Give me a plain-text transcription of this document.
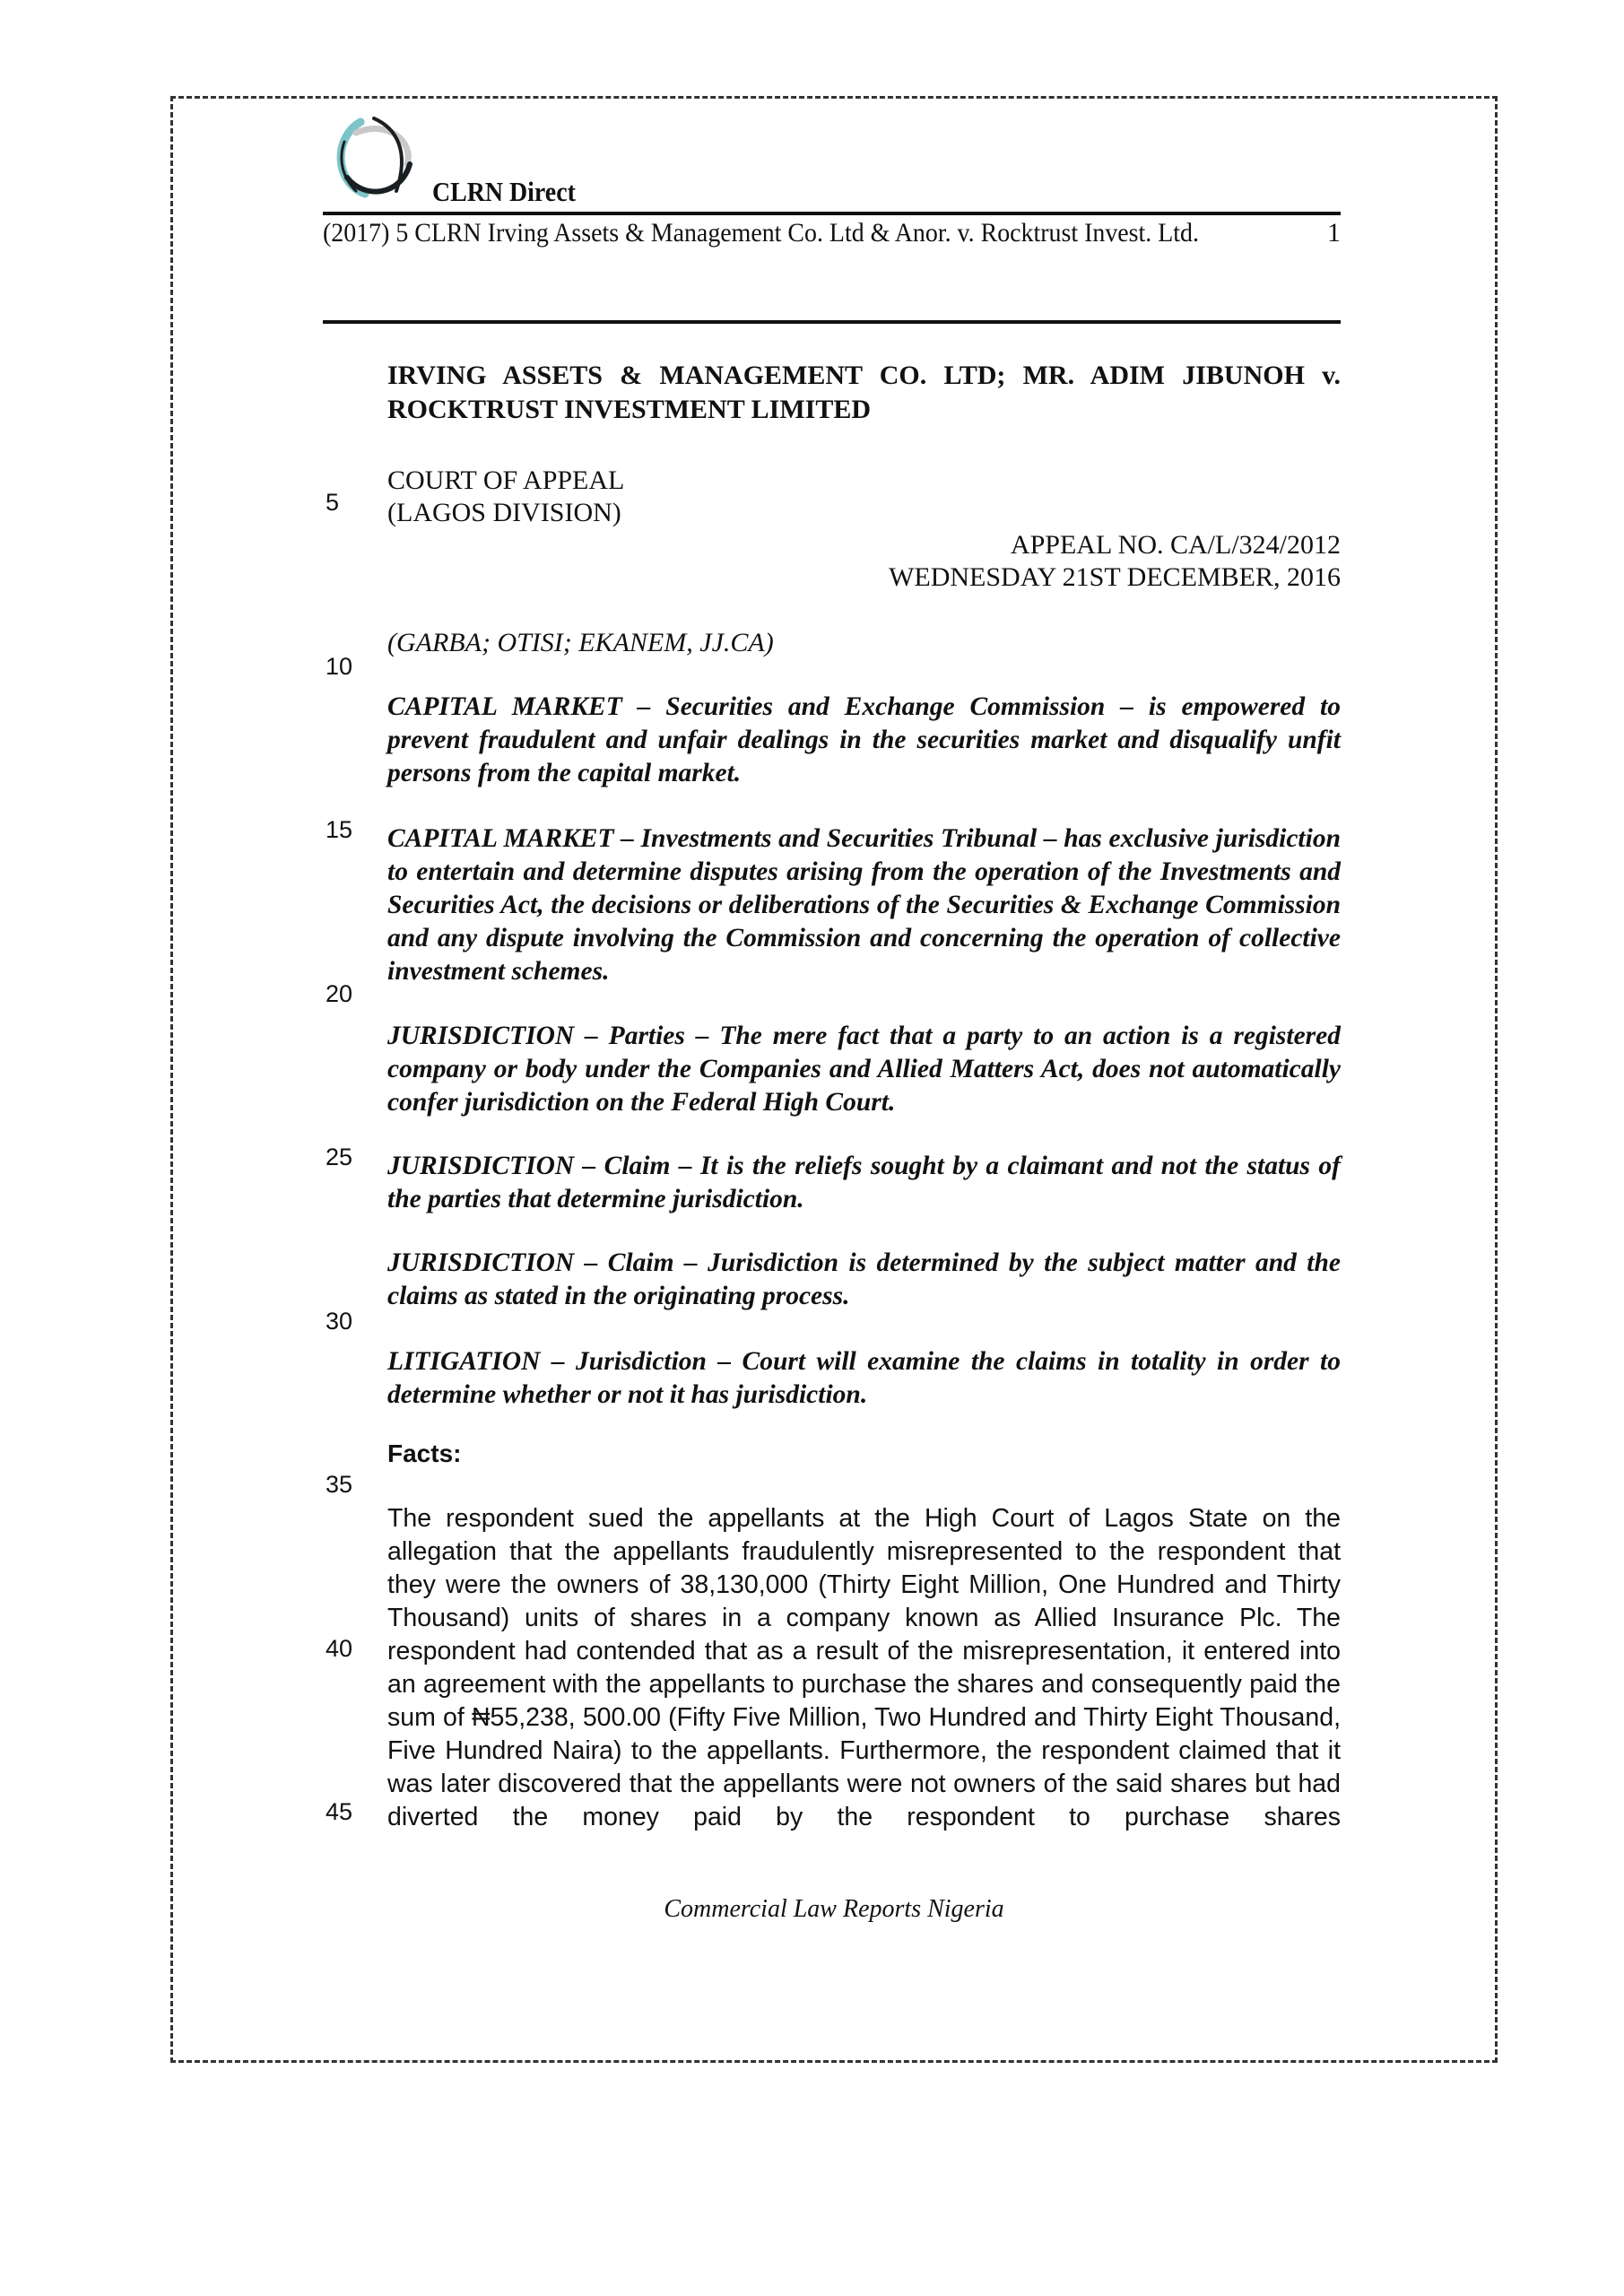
CLRN Direct
(2017) 5 CLRN Irving Assets & Management Co. Ltd & Anor. v. Rocktrust Invest. Ltd.	1
IRVING ASSETS & MANAGEMENT CO. LTD; MR. ADIM JIBUNOH v.
ROCKTRUST INVESTMENT LIMITED
COURT OF APPEAL
(LAGOS DIVISION)
APPEAL NO. CA/L/324/2012
WEDNESDAY 21ST DECEMBER, 2016
(GARBA; OTISI; EKANEM, JJ.CA)
CAPITAL MARKET – Securities and Exchange Commission – is empowered to prevent fraudulent and unfair dealings in the securities market and disqualify unfit persons from the capital market.
CAPITAL MARKET – Investments and Securities Tribunal – has exclusive jurisdiction to entertain and determine disputes arising from the operation of the Investments and Securities Act, the decisions or deliberations of the Securities & Exchange Commission and any dispute involving the Commission and concerning the operation of collective investment schemes.
JURISDICTION – Parties – The mere fact that a party to an action is a registered company or body under the Companies and Allied Matters Act, does not automatically confer jurisdiction on the Federal High Court.
JURISDICTION – Claim – It is the reliefs sought by a claimant and not the status of the parties that determine jurisdiction.
JURISDICTION – Claim – Jurisdiction is determined by the subject matter and the claims as stated in the originating process.
LITIGATION – Jurisdiction – Court will examine the claims in totality in order to determine whether or not it has jurisdiction.
Facts:
The respondent sued the appellants at the High Court of Lagos State on the allegation that the appellants fraudulently misrepresented to the respondent that they were the owners of 38,130,000 (Thirty Eight Million, One Hundred and Thirty Thousand) units of shares in a company known as Allied Insurance Plc. The respondent had contended that as a result of the misrepresentation, it entered into an agreement with the appellants to purchase the shares and consequently paid the sum of ₦55,238, 500.00 (Fifty Five Million, Two Hundred and Thirty Eight Thousand, Five Hundred Naira) to the appellants. Furthermore, the respondent claimed that it was later discovered that the appellants were not owners of the said shares but had diverted the money paid by the respondent to purchase shares
5
10
15
20
25
30
35
40
45
Commercial Law Reports Nigeria
